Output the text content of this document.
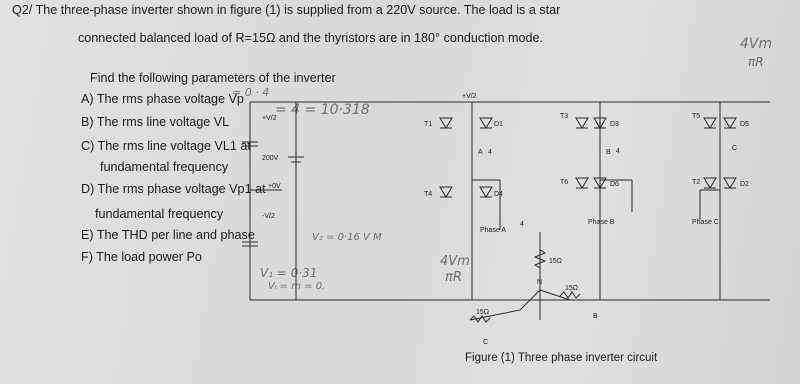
Q2/ The three-phase inverter shown in figure (1) is supplied from a 220V source. The load is a star
connected balanced load of R=15Ω and the thyristors are in 180° conduction mode.
Find the following parameters of the inverter
A) The rms phase voltage Vp
B) The rms line voltage VL
C) The rms line voltage VL1 at
fundamental frequency
D) The rms phase voltage Vp1 at
fundamental frequency
E) The THD per line and phase
F) The load power Po
= 0 · 4
= 4 = 10·318
V₂ = 0·16 V M
V₁ = 0·31
Vₗ = m = 0.
4Vm
πR
4Vm
πR
200V
+V/2
-V/2
+0V
+V/2
T1	D1
T4	D4
T3
D3
T6	D6
T5
D5
T2	D2
A	B
C
Phase A
Phase B	Phase C
15Ω
15Ω
15Ω
4
N
C
B
4
4
Figure (1) Three phase inverter circuit
